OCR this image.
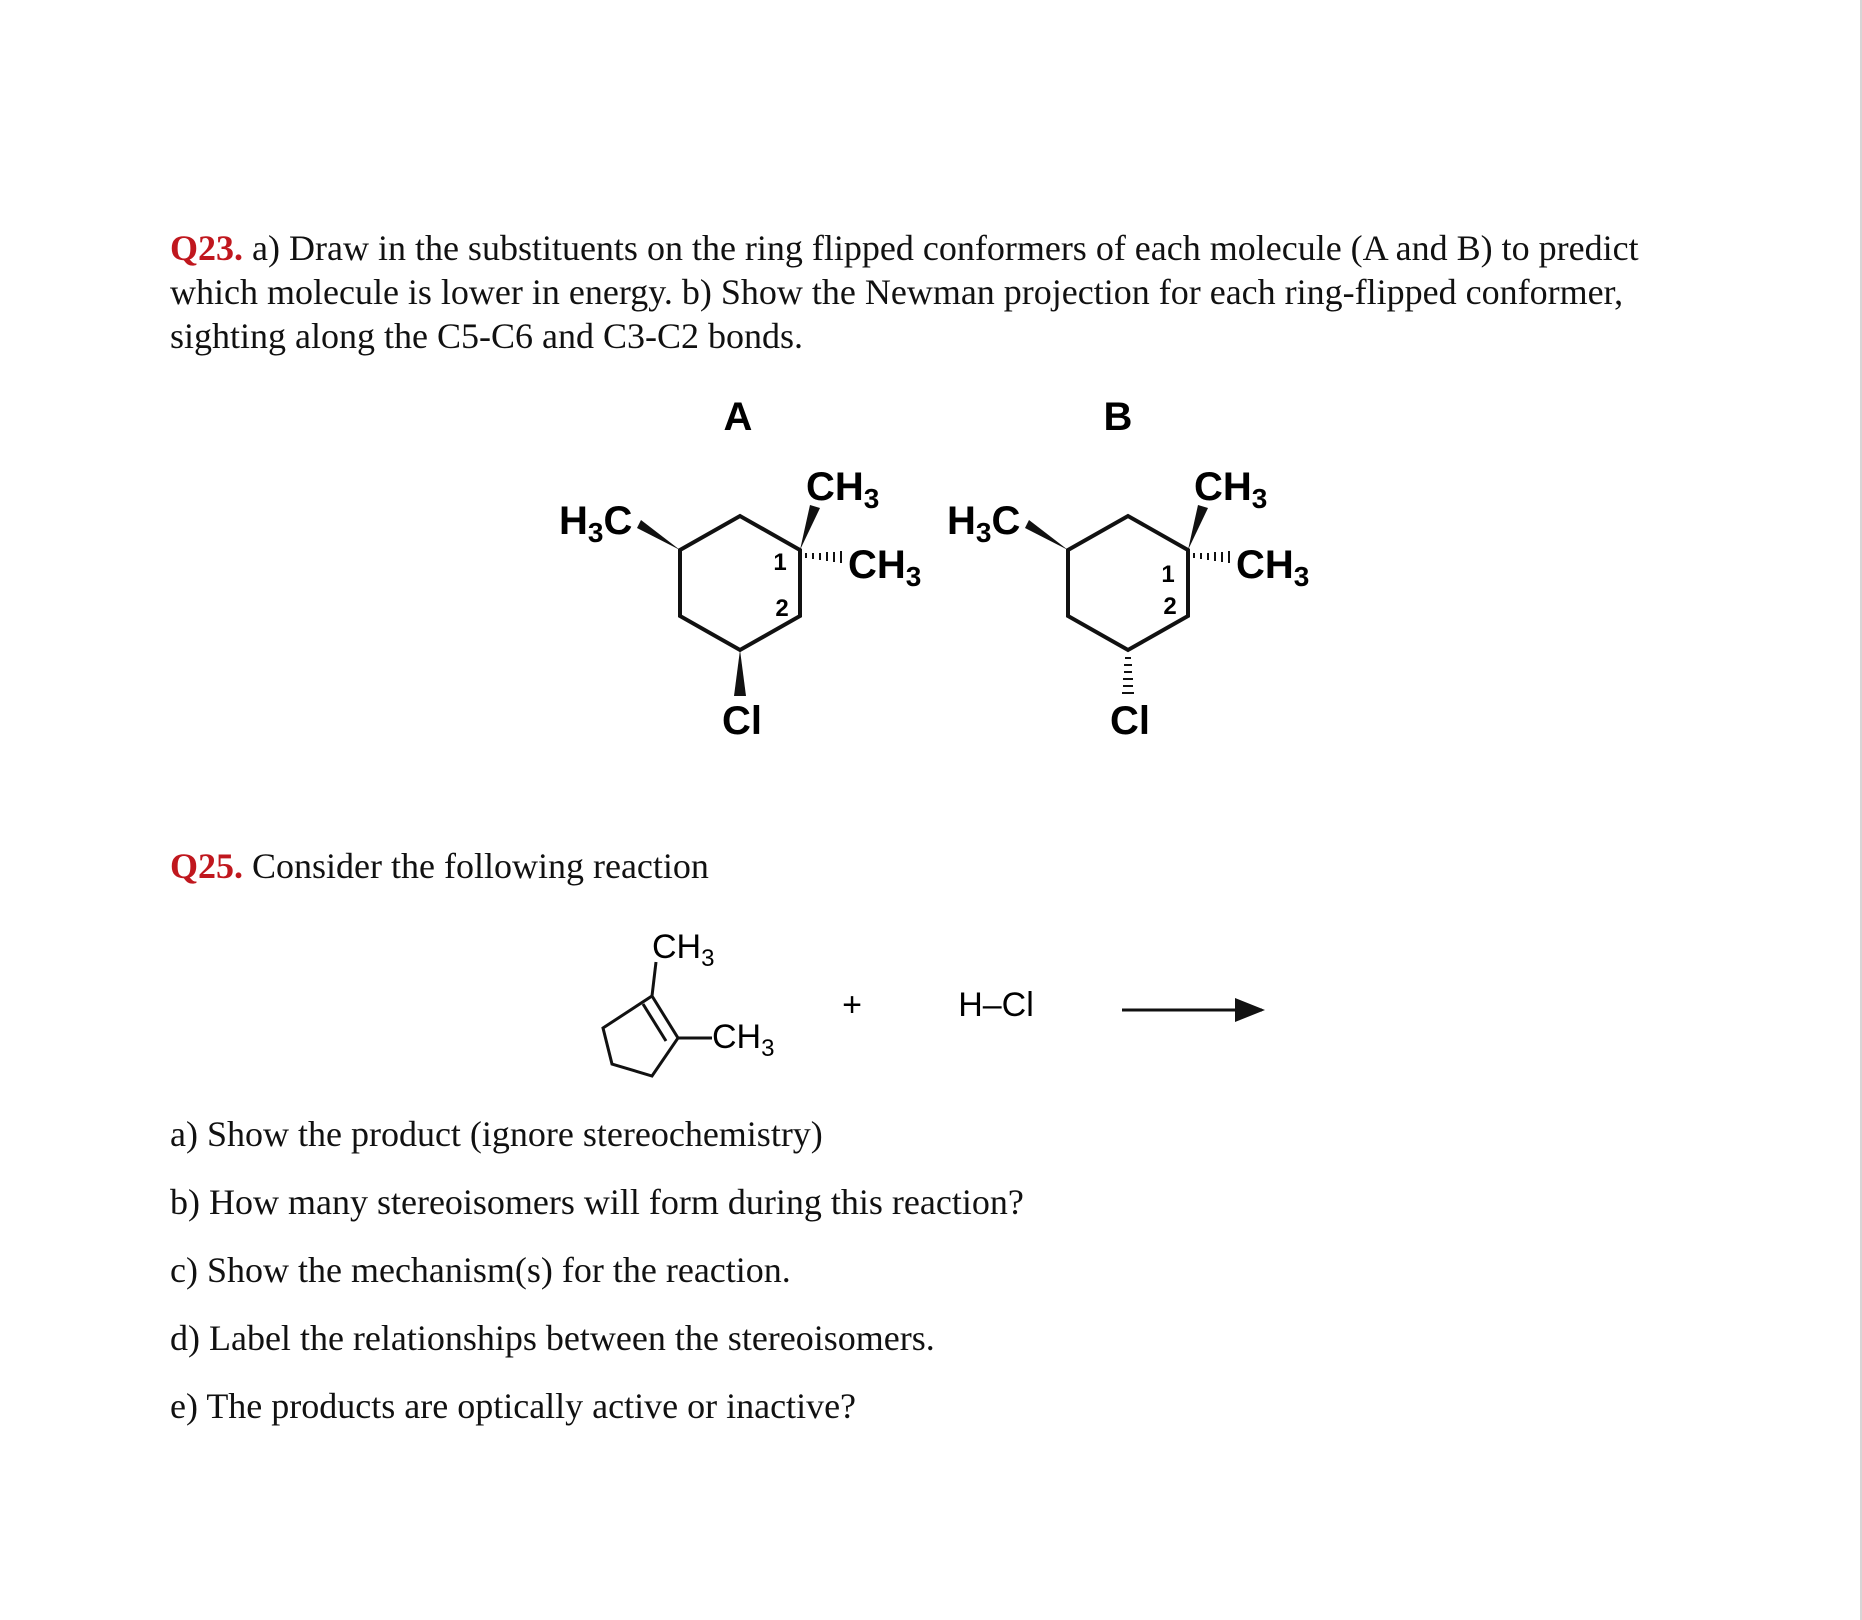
Q23. a) Draw in the substituents on the ring flipped conformers of each molecule (A and B) to predict which molecule is lower in energy. b) Show the Newman projection for each ring-flipped conformer, sighting along the C5-C6 and C3-C2 bonds.
A
H3C
CH3
CH3
1
2
Cl
B
H3C
CH3
CH3
1
2
Cl
CH3
CH3
+	H–Cl
Q25. Consider the following reaction
a) Show the product (ignore stereochemistry)
b) How many stereoisomers will form during this reaction?
c) Show the mechanism(s) for the reaction.
d) Label the relationships between the stereoisomers.
e) The products are optically active or inactive?
